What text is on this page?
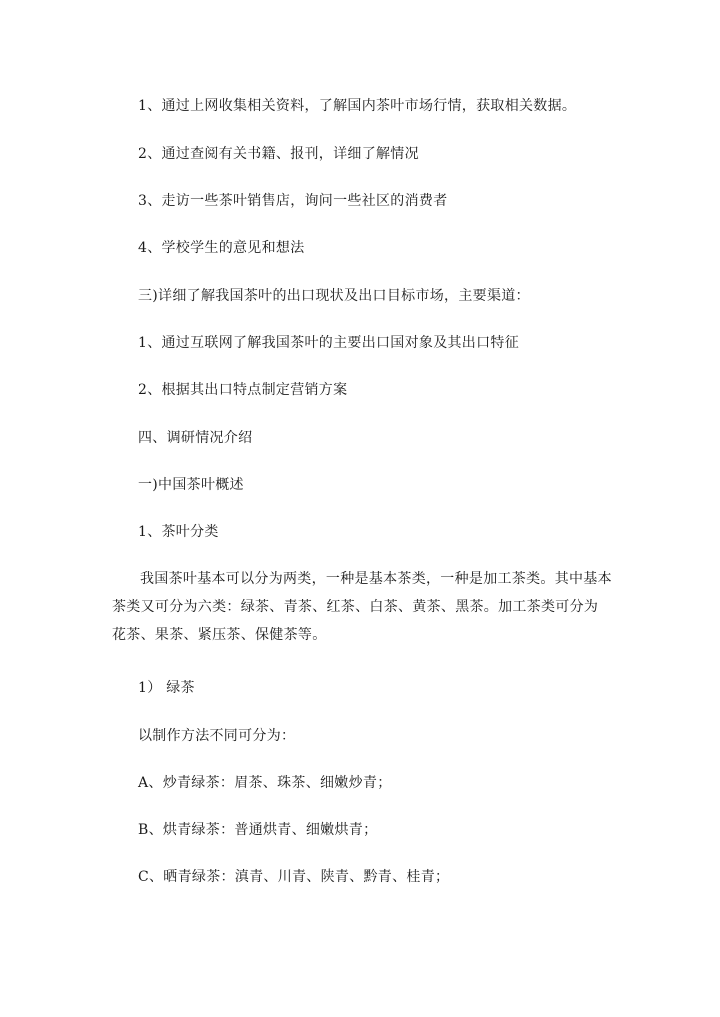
1、通过上网收集相关资料，了解国内茶叶市场行情，获取相关数据。
2、通过查阅有关书籍、报刊，详细了解情况
3、走访一些茶叶销售店，询问一些社区的消费者
4、学校学生的意见和想法
三)详细了解我国茶叶的出口现状及出口目标市场，主要渠道：
1、通过互联网了解我国茶叶的主要出口国对象及其出口特征
2、根据其出口特点制定营销方案
四、调研情况介绍
一)中国茶叶概述
1、茶叶分类
我国茶叶基本可以分为两类，一种是基本茶类，一种是加工茶类。其中基本茶类又可分为六类：绿茶、青茶、红茶、白茶、黄茶、黑茶。加工茶类可分为花茶、果茶、紧压茶、保健茶等。
1） 绿茶
以制作方法不同可分为：
A、炒青绿茶：眉茶、珠茶、细嫩炒青；
B、烘青绿茶：普通烘青、细嫩烘青；
C、晒青绿茶：滇青、川青、陕青、黔青、桂青；
